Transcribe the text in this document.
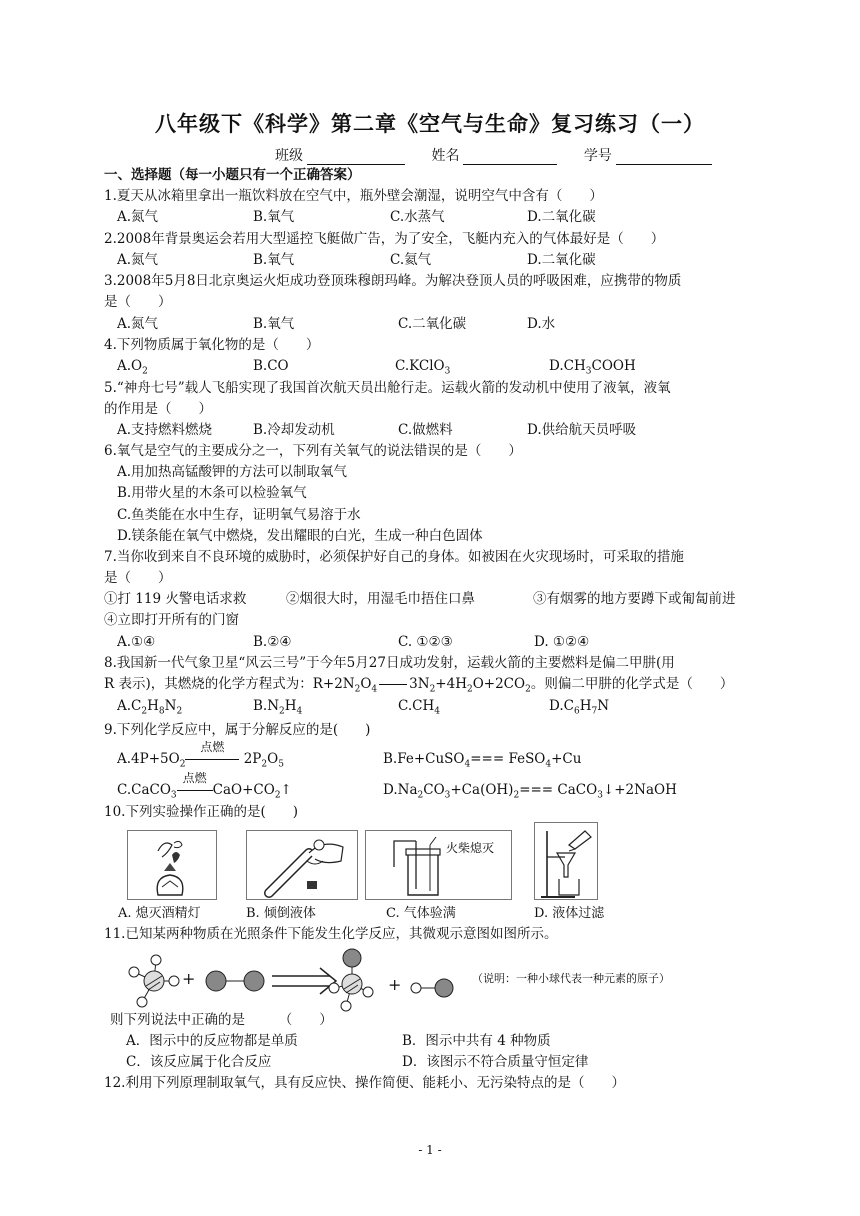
八年级下《科学》第二章《空气与生命》复习练习（一）
班级	姓名	学号
一、选择题（每一小题只有一个正确答案）
1.夏天从冰箱里拿出一瓶饮料放在空气中，瓶外壁会潮湿，说明空气中含有（　　）
A.氮气	B.氧气	C.水蒸气	D.二氧化碳
2.2008年背景奥运会若用大型遥控飞艇做广告，为了安全，飞艇内充入的气体最好是（　　）
A.氮气	B.氧气	C.氦气	D.二氧化碳
3.2008年5月8日北京奥运火炬成功登顶珠穆朗玛峰。为解决登顶人员的呼吸困难，应携带的物质
是（　　）
A.氮气	B.氧气	C.二氧化碳	D.水
4.下列物质属于氧化物的是（　　）
$A.O_2$	B.CO	C.KClO$_3$	$D.CH_3COOH$
5.“神舟七号”载人飞船实现了我国首次航天员出舱行走。运载火箭的发动机中使用了液氧，液氧
的作用是（　　）
A.支持燃料燃烧	B.冷却发动机	C.做燃料	D.供给航天员呼吸
6.氧气是空气的主要成分之一，下列有关氧气的说法错误的是（　　）
A.用加热高锰酸钾的方法可以制取氧气
B.用带火星的木条可以检验氧气
C.鱼类能在水中生存，证明氧气易溶于水
D.镁条能在氧气中燃烧，发出耀眼的白光，生成一种白色固体
7.当你收到来自不良环境的威胁时，必须保护好自己的身体。如被困在火灾现场时，可采取的措施
是（　　）
①打 119 火警电话求救	②烟很大时，用湿毛巾捂住口鼻	③有烟雾的地方要蹲下或匍匐前进
④立即打开所有的门窗
A.①④	B.②④	C. ①②③	D. ①②④
8.我国新一代气象卫星“风云三号”于今年5月27日成功发射，运载火箭的主要燃料是偏二甲肼(用
R 表示)，其燃烧的化学方程式为：$R+2N_2O_4$ $3N_2+4H_2O+2CO_2$。则偏二甲肼的化学式是（　　）
$A.C_2H_8N_2$	$B.N_2H_4$	$C.CH_4$	$D.C_6H_7N$
9.下列化学反应中，属于分解反应的是(　　)
$A.4P+5O_2$
点燃
$2P_2O_5$	B.Fe+CuSO$_4$=== FeSO$_4$+Cu
C.CaCO$_3$
点燃
$CaO+CO_2↑$	$D.Na_2CO_3+Ca(OH)_2===$ CaCO$_3$↓+2NaOH
10.下列实验操作正确的是(　　)
火柴熄灭
A. 熄灭酒精灯	B. 倾倒液体	C. 气体验满	D. 液体过滤
11.已知某两种物质在光照条件下能发生化学反应，其微观示意图如图所示。
+	+	（说明：一种小球代表一种元素的原子）
则下列说法中正确的是　　　（　　）
A．图示中的反应物都是单质	B．图示中共有 4 种物质
C．该反应属于化合反应	D．该图示不符合质量守恒定律
12.利用下列原理制取氧气，具有反应快、操作简便、能耗小、无污染特点的是（　　）
- 1 -
